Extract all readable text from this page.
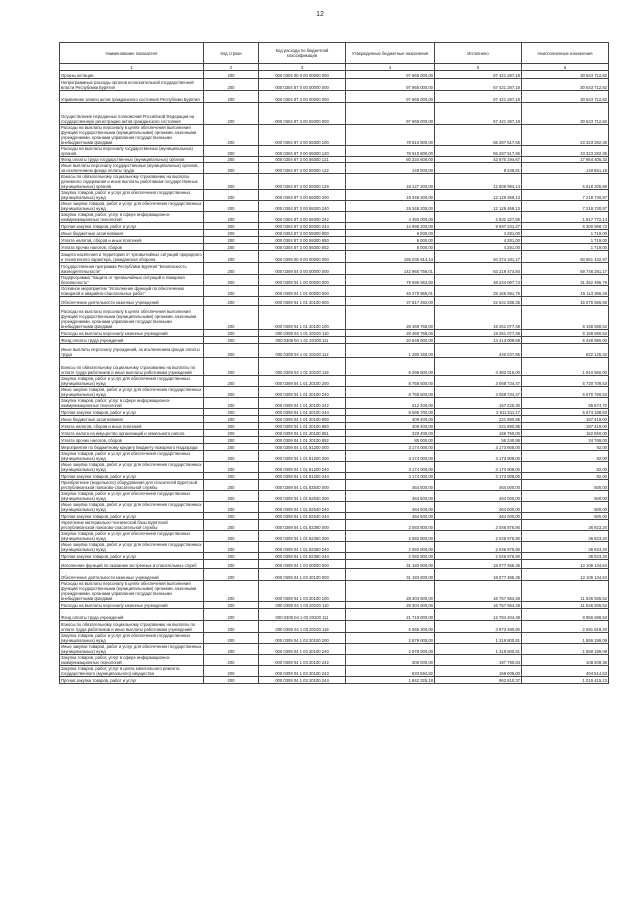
12
Наименование показателя	Код строки	Код расхода по бюджетной классификации	Утвержденные бюджетные назначения	Исполнено	Неисполненные назначения
1	2	3	4	5	6
Органы юстиции	200	000 0304 00 0 00 00000 000	97 965 000,00	67 421 287,18	30 543 712,82
Непрограммные расходы органов исполнительной государственной власти Республики Бурятия	200	000 0304 87 0 00 00000 000	97 965 000,00	67 421 287,18	30 543 712,82
Управление записи актов гражданского состояния Республики Бурятия	200	000 0304 87 3 00 00000 000	97 965 000,00	67 421 287,18	30 543 712,82
Осуществление переданных полномочий Российской Федерации на государственную регистрацию актов гражданского состояния	200	000 0304 87 3 00 59300 000	97 965 000,00	67 421 287,18	30 543 712,82
Расходы на выплаты персоналу в целях обеспечения выполнения функций государственными (муниципальными) органами, казенными учреждениями, органами управления государственными внебюджетными фондами	200	000 0304 87 3 00 59300 100	78 610 800,00	55 287 517,65	23 323 282,35
Расходы на выплаты персоналу государственных (муниципальных) органов	200	000 0304 87 3 00 59300 120	78 610 800,00	55 287 517,65	23 323 282,35
Фонд оплаты труда государственных (муниципальных) органов	200	000 0304 87 3 00 59300 121	60 334 600,00	42 670 194,67	17 664 405,33
Иные выплаты персоналу государственных (муниципальных) органов, за исключением фонда оплаты труда	200	000 0304 87 3 00 59300 122	149 000,00	8 348,81	140 651,19
Взносы по обязательному социальному страхованию на выплаты денежного содержания и иные выплаты работникам государственных (муниципальных) органов	200	000 0304 87 3 00 59300 129	18 127 200,00	12 608 994,14	5 518 205,86
Закупка товаров, работ и услуг для обеспечения государственных (муниципальных) нужд	200	000 0304 87 3 00 59300 200	19 348 200,00	12 129 469,13	7 218 730,87
Иные закупки товаров, работ и услуг для обеспечения государственных (муниципальных) нужд	200	000 0304 87 3 00 59300 240	19 348 200,00	12 129 469,13	7 218 730,87
Закупка товаров, работ, услуг в сфере информационно-коммуникационных технологий	200	000 0304 87 3 00 59300 242	4 450 000,00	2 532 227,86	1 917 772,14
Прочая закупка товаров, работ и услуг	200	000 0304 87 3 00 59300 244	14 898 200,00	9 597 241,27	5 300 958,73
Иные бюджетные ассигнования	200	000 0304 87 3 00 59300 800	6 000,00	4 281,00	1 719,00
Уплата налогов, сборов и иных платежей	200	000 0304 87 3 00 59300 850	6 000,00	4 281,00	1 719,00
Уплата прочих налогов, сборов	200	000 0304 87 3 00 59300 852	6 000,00	4 281,00	1 719,00
Защита населения и территории от чрезвычайных ситуаций природного и техногенного характера, гражданская оборона	200	000 0309 00 0 00 00000 000	155 035 614,14	94 374 181,17	60 661 432,97
Государственная программа Республики Бурятия "Безопасность жизнедеятельности"	200	000 0309 04 0 00 00000 000	142 965 756,01	83 219 474,84	59 746 281,17
Подпрограмма "Защита от чрезвычайных ситуаций и пожарная безопасность"	200	000 0309 04 1 00 00000 000	79 596 563,50	48 244 067,74	31 352 495,76
Основное мероприятие "Исполнение функций по обеспечению пожарной и аварийно-спасательных работ"	200	000 0309 04 1 01 00000 000	45 279 965,01	29 166 591,75	15 113 366,25
Обеспечение деятельности казенных учреждений	200	000 0309 04 1 01 20100 000	37 617 492,00	22 541 836,35	15 075 655,65
Расходы на выплаты персоналу в целях обеспечения выполнения функций государственными (муниципальными) органами, казенными учреждениями, органами управления государственными внебюджетными фондами	200	000 0309 04 1 01 20100 100	28 469 758,00	19 251 077,48	9 158 680,52
Расходы на выплаты персоналу казенных учреждений	200	000 0309 04 1 01 20100 110	28 469 758,00	19 251 077,48	9 158 680,52
Фонд оплаты труда учреждений	200	000 0309 04 1 01 20100 111	20 849 000,00	14 413 009,68	6 428 990,00
Иные выплаты персоналу учреждений, за исключением фонда оплаты труда	200	000 0309 04 1 01 20100 112	1 280 150,00	440 037,85	822 125,32
Взносы по обязательному социальному страхованию на выплаты по оплате труда работников и иные выплаты работникам учреждений	200	000 0309 04 1 01 20100 119	6 298 600,00	4 383 016,00	1 910 560,00
Закупка товаров, работ и услуг для обеспечения государственных (муниципальных) нужд	200	000 0309 04 1 01 20100 200	8 758 500,00	3 068 734,47	5 720 709,53
Иные закупки товаров, работ и услуг для обеспечения государственных (муниципальных) нужд	200	000 0309 04 1 01 20100 240	8 758 500,00	3 068 734,47	5 670 760,53
Закупка товаров, работ, услуг в сфере информационно-коммуникационных технологий	200	000 0309 04 1 01 20100 242	212 400,00	157 225,30	55 574,70
Прочая закупка товаров, работ и услуг	200	000 0309 04 1 01 20100 244	8 595 700,00	2 911 511,17	5 674 188,83
Иные бюджетные ассигнования	200	000 0309 04 1 01 20100 800	409 400,00	221 990,86	187 419,00
Уплата налогов, сборов и иных платежей	200	000 0309 04 1 01 20100 850	409 400,00	221 990,86	187 419,00
Уплата налога на имущество организаций и земельного налога	200	000 0309 04 1 01 20100 851	329 400,00	166 750,00	162 650,00
Уплата прочих налогов, сборов	200	000 0309 04 1 01 20100 852	80 000,00	55 240,86	24 769,00
Мероприятия по бюджетному кредиту Бюджету пожарного Надзорода	200	000 0309 04 1 01 81200 000	3 174 000,00	3 173 908,00	92,00
Закупка товаров, работ и услуг для обеспечения государственных (муниципальных) нужд	200	000 0309 04 1 01 81200 200	3 174 000,00	3 173 908,00	92,00
Иные закупки товаров, работ и услуг для обеспечения государственных (муниципальных) нужд	200	000 0309 04 1 01 81200 240	3 174 000,00	3 173 908,00	92,00
Прочая закупка товаров, работ и услуг	200	000 0309 04 1 01 81200 244	3 174 000,00	3 173 908,00	92,00
Приобретение (модельного) оборудования для спасателей Бурятской республиканской поисково-спасательной службы	200	000 0309 04 1 01 82540 000	464 500,00	464 000,00	500,00
Закупка товаров, работ и услуг для обеспечения государственных (муниципальных) нужд	200	000 0309 04 1 01 82540 200	464 500,00	464 000,00	500,00
Иные закупки товаров, работ и услуг для обеспечения государственных (муниципальных) нужд	200	000 0309 04 1 01 82540 240	464 500,00	464 000,00	500,00
Прочая закупка товаров, работ и услуг	200	000 0309 04 1 01 82540 244	464 500,00	464 000,00	500,00
Укрепление материально-технической базы Бурятской республиканской поисково-спасательной службы	200	000 0309 04 1 01 82360 000	2 083 800,00	2 046 876,80	36 923,20
Закупка товаров, работ и услуг для обеспечения государственных (муниципальных) нужд	200	000 0309 04 1 01 82360 200	2 083 800,00	2 046 876,80	36 923,20
Иные закупки товаров, работ и услуг для обеспечения государственных (муниципальных) нужд	200	000 0309 04 1 01 82360 240	2 083 800,00	2 046 876,80	36 923,20
Прочая закупка товаров, работ и услуг	200	000 0309 04 1 01 82360 244	2 083 800,00	2 046 876,80	36 923,20
Исполнение функций по оказанию экстренных и спасательных служб	200	000 0309 04 1 03 00000 000	31 183 600,00	18 077 465,36	13 106 134,64
Обеспечение деятельности казенных учреждений	200	000 0309 04 1 03 20100 000	31 183 600,00	18 077 465,36	13 106 134,64
Расходы на выплаты персоналу в целях обеспечения выполнения функций государственными (муниципальными) органами, казенными учреждениями, органами управления государственными внебюджетными фондами	200	000 0309 04 1 03 20100 100	28 304 600,00	16 757 664,48	11 546 935,52
Расходы на выплаты персоналу казенных учреждений	200	000 0309 04 1 03 20100 110	28 304 600,00	16 757 664,48	11 546 935,52
Фонд оплаты труда учреждений	200	000 0309 04 1 03 20100 111	21 719 000,00	12 784 404,48	8 956 698,52
Взносы по обязательному социальному страхованию на выплаты по оплате труда работников и иные выплаты работникам учреждений	200	000 0309 04 1 03 20100 119	6 565 300,00	3 973 480,80	2 591 819,20
Закупка товаров, работ и услуг для обеспечения государственных (муниципальных) нужд	200	000 0309 04 1 03 20100 200	2 879 000,00	1 319 800,81	1 559 199,09
Иные закупки товаров, работ и услуг для обеспечения государственных (муниципальных) нужд	200	000 0309 04 1 03 20100 240	2 878 000,00	1 319 800,81	1 559 199,09
Закупка товаров, работ, услуг в сфере информационно-коммуникационных технологий	200	000 0309 04 1 03 20100 242	306 000,00	197 790,84	108 209,36
Закупка товаров, работ, услуг в целях капитального ремонта государственного (муниципального) имущества	200	000 0309 04 1 03 20100 243	633 594,82	159 005,00	404 514,53
Прочая закупка товаров, работ и услуг	200	000 0309 04 1 03 20100 244	1 842 325,18	962 810,37	1 019 415,13
